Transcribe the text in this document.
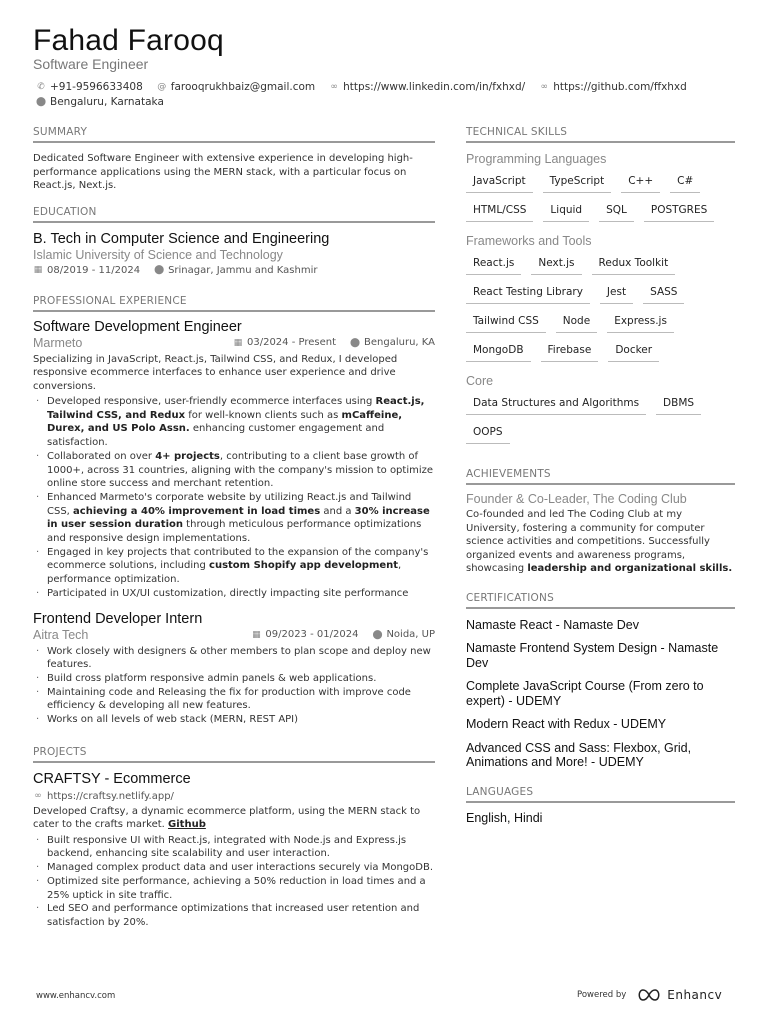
Fahad Farooq
Software Engineer
✆ +91-9596633408 @ farooqrukhbaiz@gmail.com ∞ https://www.linkedin.com/in/fxhxd/ ∞ https://github.com/ffxhxd
⬤ Bengaluru, Karnataka
SUMMARY
Dedicated Software Engineer with extensive experience in developing high-performance applications using the MERN stack, with a particular focus on React.js, Next.js.
EDUCATION
B. Tech in Computer Science and Engineering
Islamic University of Science and Technology
▦ 08/2019 - 11/2024 ⬤ Srinagar, Jammu and Kashmir
PROFESSIONAL EXPERIENCE
Software Development Engineer
Marmeto	▦ 03/2024 - Present ⬤ Bengaluru, KA
Specializing in JavaScript, React.js, Tailwind CSS, and Redux, I developed responsive ecommerce interfaces to enhance user experience and drive conversions.
· Developed responsive, user-friendly ecommerce interfaces using React.js, Tailwind CSS, and Redux for well-known clients such as mCaffeine, Durex, and US Polo Assn. enhancing customer engagement and satisfaction.
· Collaborated on over 4+ projects, contributing to a client base growth of 1000+, across 31 countries, aligning with the company's mission to optimize online store success and merchant retention.
· Enhanced Marmeto's corporate website by utilizing React.js and Tailwind CSS, achieving a 40% improvement in load times and a 30% increase in user session duration through meticulous performance optimizations and responsive design implementations.
· Engaged in key projects that contributed to the expansion of the company's ecommerce solutions, including custom Shopify app development, performance optimization.
· Participated in UX/UI customization, directly impacting site performance
Frontend Developer Intern
Aitra Tech	▦ 09/2023 - 01/2024 ⬤ Noida, UP
· Work closely with designers & other members to plan scope and deploy new features.
· Build cross platform responsive admin panels & web applications.
· Maintaining code and Releasing the fix for production with improve code efficiency & developing all new features.
· Works on all levels of web stack (MERN, REST API)
PROJECTS
CRAFTSY - Ecommerce
∞ https://craftsy.netlify.app/
Developed Craftsy, a dynamic ecommerce platform, using the MERN stack to cater to the crafts market. Github
· Built responsive UI with React.js, integrated with Node.js and Express.js backend, enhancing site scalability and user interaction.
· Managed complex product data and user interactions securely via MongoDB.
· Optimized site performance, achieving a 50% reduction in load times and a 25% uptick in site traffic.
· Led SEO and performance optimizations that increased user retention and satisfaction by 20%.
TECHNICAL SKILLS
Programming Languages
JavaScript	TypeScript	C++	C#
HTML/CSS	Liquid	SQL	POSTGRES
Frameworks and Tools
React.js	Next.js	Redux Toolkit
React Testing Library	Jest	SASS
Tailwind CSS	Node	Express.js
MongoDB	Firebase	Docker
Core
Data Structures and Algorithms	DBMS
OOPS
ACHIEVEMENTS
Founder & Co-Leader, The Coding Club
Co-founded and led The Coding Club at my University, fostering a community for computer science activities and competitions. Successfully organized events and awareness programs, showcasing leadership and organizational skills.
CERTIFICATIONS
Namaste React - Namaste Dev
Namaste Frontend System Design - Namaste Dev
Complete JavaScript Course (From zero to expert) - UDEMY
Modern React with Redux - UDEMY
Advanced CSS and Sass: Flexbox, Grid, Animations and More! - UDEMY
LANGUAGES
English, Hindi
www.enhancv.com	Powered by	Enhancv
